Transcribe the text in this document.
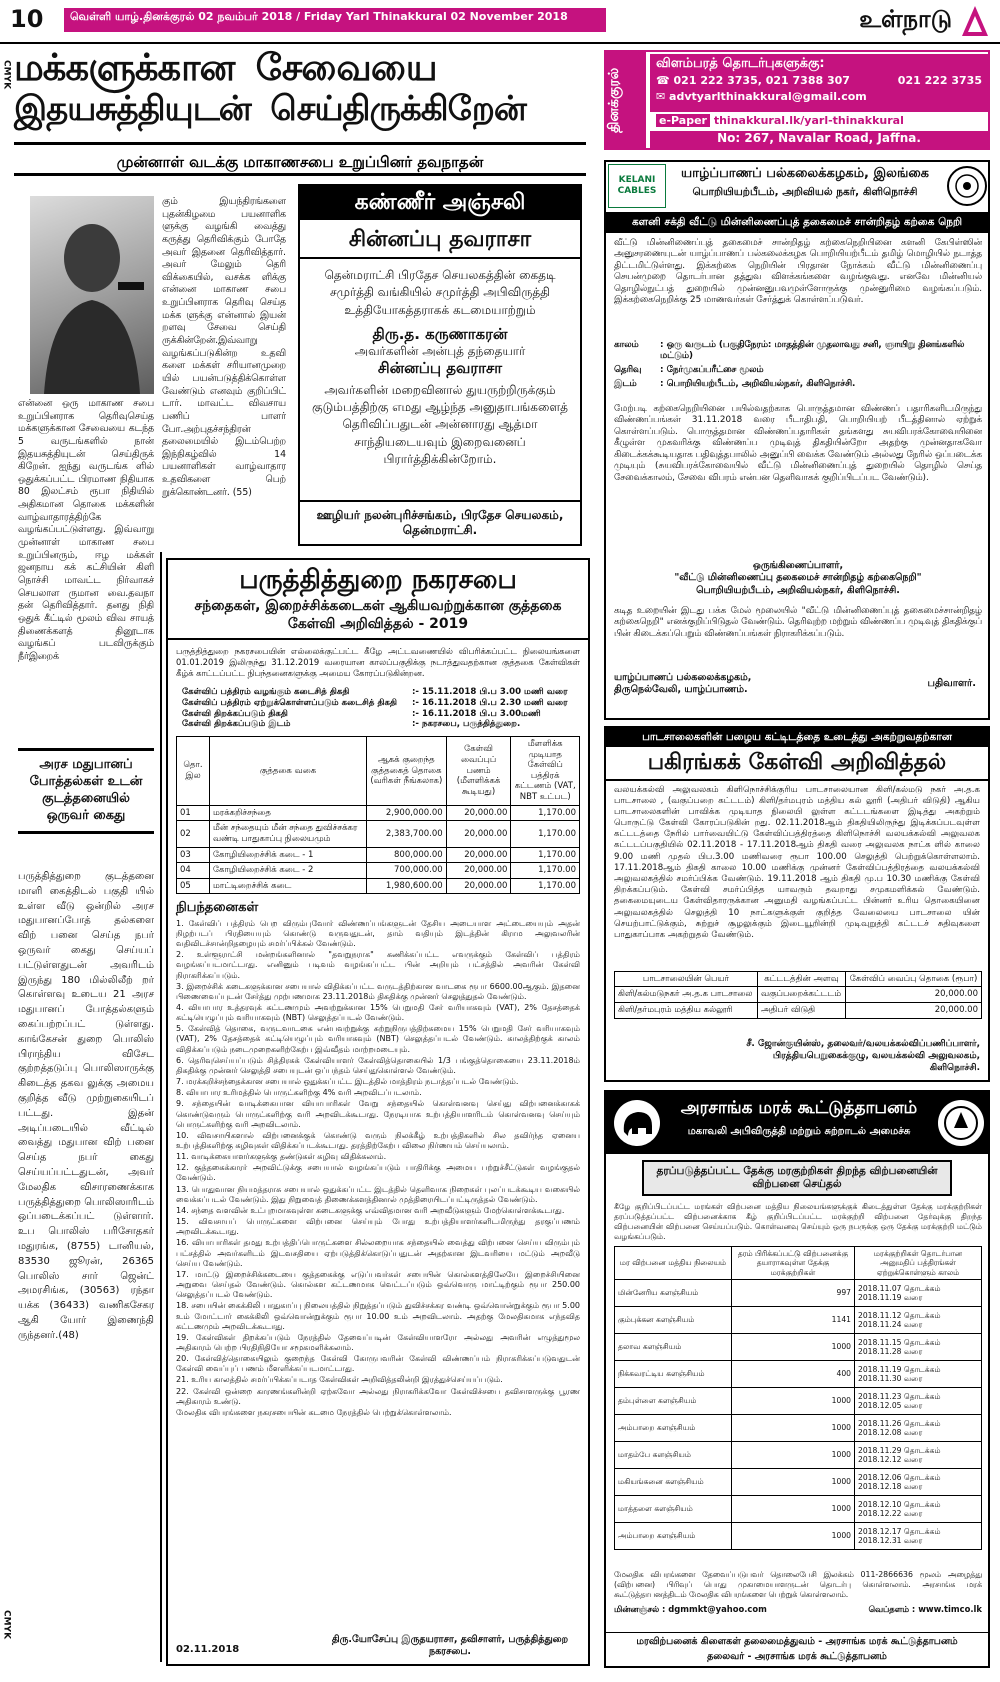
10	வெள்ளி யாழ்.தினக்குரல் 02 நவம்பர் 2018 / Friday Yarl Thinakkural 02 November 2018	உள்நாடு
CMYK
CMYK
மக்களுக்கான சேவையை
இதயசுத்தியுடன் செய்திருக்கிறேன்
முன்னாள் வடக்கு மாகாணசபை உறுப்பினர் தவநாதன்
கும் இயந்திரங்களை புதன்கிழமை பயனாளிக ளுக்கு வழங்கி வைத்து கருத்து தெரிவிக்கும் போதே அவர் இதனை தெரிவித்தார். அவர் மேலும் தெரி விக்கையில், வசக்க ளிக்கு என்னை மாகாண சபை உறுப்பினராக தெரிவு செய்த மக்க ளுக்கு என்னால் இயன் றளவு சேவை செய்தி ருக்கின்றேன்.இவ்வாறு வழங்கப்படுகின்ற உதவி களை மக்கள் சரியானமுறை யில் பயன்படுத்திக்கொள்ள வேண்டும் எனவும் குறிப்பிட் டார். மாவட்ட விவசாய பணிப் பாளர் போ.அற்புதச்சந்திரன் தலைமையில் இடம்பெற்ற இந்நிகழ்வில் 14 பயனாளிகள் வாழ்வாதார உதவிகளை பெற் றுக்கொண்டனர். (55)
என்னை ஒரு மாகாண சபை உறுப்பினராக தெரிவுசெய்த மக்களுக்கான சேவையை கடந்த 5 வருடங்களில் நான் இதயசுத்தியுடன் செய்திருக் கிறேன். ஐந்து வருடங்க ளில் ஒதுக்கப்பட்ட பிரமாண நிதியாக 80 இலட்சம் ரூபா நிதியில் அதிகமான தொகை மக்களின் வாழ்வாதாரத்திற்கே வழங்கப்பட்டுள்ளது. இவ்வாறு முன்னாள் மாகாண சபை உறுப்பினரும், ஈழ மக்கள் ஜனநாய கக் கட்சியின் கிளி நொச்சி மாவட்ட நிர்வாகச் செயலாள ருமான வை.தவநா தன் தெரிவித்தார். தனது நிதி ஒதுக் கீட்டில் மூலம் விவ சாயத் திணைக்களத் தினூடாக வழங்கப் படவிருக்கும் நீர்இறைக்
கண்ணீர் அஞ்சலி
சின்னப்பு தவராசா
தென்மராட்சி பிரதேச செயலகத்தின் கைதடி சமுர்த்தி வங்கியில் சமுர்த்தி அபிவிருத்தி உத்தியோகத்தராகக் கடமையாற்றும்
திரு.த. கருணாகரன்
அவர்களின் அன்புத் தந்தையார்
சின்னப்பு தவராசா
அவர்களின் மறைவினால் துயருற்றிருக்கும் குடும்பத்திற்கு எமது ஆழ்ந்த அனுதாபங்களைத் தெரிவிப்பதுடன் அன்னாரது ஆத்மா சாந்தியடையவும் இறைவனைப் பிரார்த்திக்கின்றோம்.
ஊழியர் நலன்புரிச்சங்கம், பிரதேச செயலகம், தென்மராட்சி.
அரச மதுபானப் போத்தல்கள் உடன் குடத்தனையில் ஒருவர் கைது
பருத்தித்துறை குடத்தனை மாளி கைத்திடல் பகுதி யில் உள்ள வீடு ஒன்றில் அரச மதுபானப்போத் தல்களை விற் பனை செய்த நபர் ஒருவர் கைது செய்யப் பட்டுள்ளதுடன் அவரிடம் இருந்து 180 மில்லிலீற் றர் கொள்ளவு உடைய 21 அரச மதுபானப் போத்தல்களும் கைப்பற்றப்பட் டுள்ளது. காங்கேசன் துறை பொலிஸ் பிராந்திய விசேட குற்றத்தடுப்பு பொலிஸாருக்கு கிடைத்த தகவ லுக்கு அமைய குறித்த வீடு முற்றுகையிடப் பட்டது. இதன் அடிப்படையில் வீட்டில் வைத்து மதுபான விற் பனை செய்த நபர் கைது செய்யப்பட்டதுடன், அவர் மேலதிக விசாரணைக்காக பருத்தித்துறை பொலிஸாரிடம் ஒப்படைக்கப்பட் டுள்ளார். உப பொலிஸ் பரிசோதகர் மதுரங்க, (8755) டானியல், 83530 ஜூரன், 26365 பொலிஸ் சார் ஜென்ட் அமரசிங்க, (30563) ரந்தா யக்க (36433) வணிகசேகர ஆகி யோர் இணைந்தி ருந்தனர்.(48)
பருத்தித்துறை நகரசபை
சந்தைகள், இறைச்சிக்கடைகள் ஆகியவற்றுக்கான குத்தகை கேள்வி அறிவித்தல் - 2019
பருத்தித்துறை நகரசபையின் எல்லைக்குட்பட்ட கீழே அட்டவணையில் விபரிக்கப்பட்ட நிலையங்களை 01.01.2019 இலிருந்து 31.12.2019 வரையான காலப்பகுதிக்கு நடாத்துவதற்கான குத்தகை கேள்விகள் கீழ்க் காட்டப்பட்ட நிபந்தனைகளுக்கு அமைய கோரப்படுகின்றன.
கேள்விப் பத்திரம் வழங்கும் கடைசித் திகதி	:- 15.11.2018 பி.ப 3.00 மணி வரை
கேள்விப் பத்திரம் ஏற்றுக்கொள்ளப்படும் கடைசித் திகதி	:- 16.11.2018 பி.ப 2.30 மணி வரை
கேள்வி திறக்கப்படும் திகதி	:- 16.11.2018 பி.ப 3.00மணி
கேள்வி திறக்கப்படும் இடம்	:- நகரசபை, பருத்தித்துறை.
தொ. இல	குத்தகை வகை	ஆகக் குறைந்த குத்தகைத் தொகை (வரிகள் நீங்கலாக)	கேள்வி வைப்புப் பணம் (மீளளிக்கக் கூடியது)	மீளளிக்க முடியாத கேள்விப் பத்திரக் கட்டணம் (VAT, NBT உட்பட)
01	மரக்கறிச்சந்தை	2,900,000.00	20,000.00	1,170.00
02	மீன் சந்தையும் மீன் சந்தை துவிச்சக்கர வண்டி பாதுகாப்பு நிலையமும்	2,383,700.00	20,000.00	1,170.00
03	கோழியிறைச்சிக் கடை - 1	800,000.00	20,000.00	1,170.00
04	கோழியிறைச்சிக் கடை - 2	700,000.00	20,000.00	1,170.00
05	மாட்டிறைச்சிக் கடை	1,980,600.00	20,000.00	1,170.00
நிபந்தனைகள்
1. கேள்விப் பத்திரம் பெற விரும்புவோர் விண்ணப்பங்களுடன் தேசிய அடையாள அட்டையையும் அதன் நிழற்படப் பிரதியையும் கொண்டு வருவதுடன், தாம் வதியும் இடத்தின் கிராம அலுவலரின் வதிவிடச்சான்றிதழையும் சமர்ப்பிக்கல் வேண்டும்.
2. உள்ளூராட்சி மன்றங்களினால் "தவறுநராக" கணிக்கப்பட்ட எவருக்கும் கேள்விப் பத்திரம் வழங்கப்படமாட்டாது. எனினும் படிவம் வழங்கப்பட்ட பின் அறியும் பட்சத்தில் அவரின் கேள்வி நிராகரிக்கப்படும்.
3. இறைச்சிக் கடைகளுக்கான சபையால் விதிக்கப்பட்ட வருடத்திற்கான வாடகை ரூபா 6600.00ஆகும். இதனை பிணைவைப்புடன் சேர்த்து முற்பணமாக 23.11.2018ம் திகதிக்கு முன்னர் செலுத்துதல் வேண்டும்.
4. வியாபார உத்தரவுக் கட்டணமும் அவற்றுக்கான 15% பெறுமதி சேர் வரியாகவும் (VAT), 2% தேசத்தைக் கட்டியெழுப்பும் வரியாகவும் (NBT) செலுத்தப்படல் வேண்டும்.
5. கேள்வித் தொகை, வருடவாடகை என்பவற்றுக்கு சுற்றுநிருபத்திற்கமைய 15% பெறுமதி சேர் வரியாகவும் (VAT), 2% தேசத்தைக் கட்டியெழுப்பும் வரியாகவும் (NBT) செலுத்தப்படல் வேண்டும். காலத்திற்குக் காலம் விதிக்கப்படும் நடைமுறைகளிற்கேற்ப இவ்வீதம் மாற்றமடையும்.
6. தெரிவுசெய்யப்படும் சித்திரகக் கேள்வியாளர் கேள்வித்தொகையில் 1/3 பங்குத்தொகையை 23.11.2018ம் திகதிக்கு முன்னர் செலுத்தி சபையுடன் ஒப்பந்தம் செய்துகொள்ளல் வேண்டும்.
7. மரக்கறிச்சந்தைக்கான சபையால் ஒதுக்கப்பட்ட இடத்தில் மாத்திரம் நடாத்தப்படல் வேண்டும்.
8. வியாபார உரிமத்தில் பொருட்களிற்கு 4% வரி அறவிடப்படலாம்.
9. சந்தையின் வாடிக்கையான வியாபாரிகள் வேறு சந்தையில் கொள்வனவு செய்து விற்பனைக்காகக் கொண்டுவரும் பொருட்களிற்கு வரி அறவிடக்கூடாது. நேரடியாக உற்பத்தியாளரிடம் கொள்வனவு செய்யும் பொருட்களிற்கு வரி அறவிடலாம்.
10. விவசாயிகளால் விற்பனைக்குக் கொண்டு வரும் நிலக்கீழ் உற்பத்திகளில் சில தவிர்ந்த ஏனைய உற்பத்திகளிற்கு கழிவுகள் விதிக்கப்படக்கூடாது. தரத்திற்கேற்ப விலை நிர்ணயம் செய்யலாம்.
11. வாடிக்கையாளர்களுக்கு தண்டுகள் கழிவு விதிக்கலாம்.
12. குத்தகைக்காரர் அறவிட்டுக்கு சபையால் வழங்கப்படும் பாதிரிக்கு அமைய பற்றுச்சீட்டுகள் வழங்குதல் வேண்டும்.
13. பொதுவான நியமத்தராசு சபையால் ஒதுக்கப்பட்ட இடத்தில் தெளிவாக நிறைகள் புலப்படக்கூடிய வகையில் வைக்கப்படல் வேண்டும். இது நிறுவைத் திணைக்களத்தினால் முத்திரையிடப்பட்டிருத்தல் வேண்டும்.
14. சந்தை வளவின் உட்புறமாகவுள்ள கடைகளுக்கு எவ்விதமான வரி அறவீடுகளும் மேற்கொள்ளக்கூடாது.
15. விவசாயப் பொருட்களை விற்பனை செய்யும் போது உற்பத்தியாளர்களிடமிருந்து தரகுப்பணம் அறவிடக்கூடாது.
16. வியாபாரிகள் தமது உற்பத்திப்பொருட்களை சில்லறையாக சந்தையில் வைத்து விற்பனை செய்ய விரும்பும் பட்சத்தில் அவர்களிடம் இடவசதியை ஏற்படுத்திக்கொடுப்பதுடன் அதற்கான இடவரியை மட்டும் அறவீடு செய்ய வேண்டும்.
17. மாட்டு இறைச்சிக்கடையை குத்தகைக்கு எடுப்பவர்கள் சபையின் கொல்களத்திலேயே இறைச்சியினை அறுவை செய்தல் வேண்டும். கொல்கள கட்டணமாக வெட்டப்படும் ஒவ்வொரு மாட்டிற்கும் ரூபா 250.00 செலுத்தப்படல் வேண்டும்.
18. சபையின் கைக்கிலி பாதுகாப்பு நிலையத்தில் நிறுத்தப்படும் துவிச்சக்கர வண்டி ஒவ்வொன்றுக்கும் ரூபா 5.00 உம் மோட்டார் கைக்கிலி ஒவ்வொன்றுக்கும் ரூபா 10.00 உம் அறவிடலாம். அதற்கு மேலதிகமாக எந்தவித கட்டணமும் அறவிடக்கூடாது.
19. கேள்விகள் திறக்கப்படும் நேரத்தில் தேவைப்படின் கேள்வியாளரோ அல்லது அவரின் எழுத்துமூல அதிகாரம் பெற்ற பிரதிநிதியோ சமூகமளிக்கலாம்.
20. கேள்வித்தொகையிலும் குறைந்த கேள்வி கோருபவரின் கேள்வி விண்ணப்பம் நிராகரிக்கப்படுவதுடன் கேள்வி வைப்புப் பணம் மீளளிக்கப்படமாட்டாது.
21. உரிய காலத்தில் சமர்ப்பிக்கப்படாத கேள்விகள் அறிவித்தலின்றி இரத்துச்செய்யப்படும்.
22. கேள்வி ஒன்றை காரணங்களின்றி ஏற்கவோ அல்லது நிராகரிக்கவோ கேள்விச்சபை தவிசாளருக்கு பூரண அதிகாரம் உண்டு.
மேலதிக விபரங்களை நகரசபையின் கடமை நேரத்தில் பெற்றுக்கொள்ளலாம்.
02.11.2018
திரு.யோசேப்பு இருதயராசா, தவிசாளர், பருத்தித்துறை நகரசபை.
தினக்குரல்
விளம்பரத் தொடர்புகளுக்கு:
☎ 021 222 3735, 021 7388 307	021 222 3735
✉ advtyarlthinakkural@gmail.com
e-Paper thinakkural.lk/yarl-thinakkural
No: 267, Navalar Road, Jaffna.
KELANI CABLES
யாழ்ப்பாணப் பல்கலைக்கழகம், இலங்கை
பொறியியற்பீடம், அறிவியல் நகர், கிளிநொச்சி
களனி சக்தி வீட்டு மின்னிணைப்புத் தகைமைச் சான்றிதழ் கற்கை நெறி
வீட்டு மின்னிணைப்புத் தகைமைச் சான்றிதழ் கற்கைநெறியினை களனி கேபிள்ஸின் அனுசரணையுடன் யாழ்ப்பாணப் பல்கலைக்கழக பொறியியற்பீடம் தமிழ் மொழியில் நடாத்த திட்டமிட்டுள்ளது. இக்கற்கை நெறியின் பிரதான நோக்கம் வீட்டு மின்னிணைப்பு செயன்முறை தொடர்பான தத்துவ விளக்கங்களை வழங்குவது. எனவே மின்னியல் தொழில்நுட்பத் துறையில் முன்னனுபவமுள்ளோருக்கு முன்னுரிமை வழங்கப்படும். இக்கற்கைநெறிக்கு 25 மாணவர்கள் சேர்த்துக் கொள்ளப்படுவர்.
காலம்	: ஒரு வருடம் (பகுதிநேரம்: மாதத்தின் முதலாவது சனி, ஞாயிறு தினங்களில் மட்டும்)
தெரிவு	: நேர்முகப்பரீட்சை மூலம்
இடம்	: பொறியியற்பீடம், அறிவியல்நகர், கிளிநொச்சி.
மேற்படி கற்கைநெறியினை பயில்வதற்காக பொருத்தமான விண்ணப் பதாரிகளிடமிருந்து விண்ணப்பங்கள் 31.11.2018 வரை பீடாதிபதி, பொறியியற் பீடத்தினால் ஏற்றுக் கொள்ளப்படும். பொருத்தமான விண்ணப்பதாரிகள் தங்களது சுயவிபரக்கோவையினை கீழுள்ள முகவரிக்கு விண்ணப்ப முடிவுத் திகதியின்றோ அதற்கு முன்னதாகவோ கிடைக்கக்கூடியதாக பதிவுத்தபாலில் அனுப்பி வைக்க வேண்டும் அல்லது நேரில் ஒப்படைக்க முடியும் (சுயவிபரக்கோவையில் வீட்டு மின்னிணைப்புத் துறையில் தொழில் செய்த சேவைக்காலம், சேவை விபரம் என்பன தெளிவாகக் குறிப்பிடப்பட வேண்டும்).
ஒருங்கிணைப்பாளர்,
"வீட்டு மின்னிணைப்பு தகைமைச் சான்றிதழ் கற்கைநெறி"
பொறியியற்பீடம், அறிவியல்நகர், கிளிநொச்சி.
கடித உறையின் இடது பக்க மேல் மூலையில் "வீட்டு மின்னிணைப்புத் தகைமைச்சான்றிதழ் கற்கைநெறி" எனக்குறிப்பிடுதல் வேண்டும். தெரிவுற்ற மற்றும் விண்ணப்ப முடிவுத் திகதிக்குப் பின் கிடைக்கப்பெறும் விண்ணப்பங்கள் நிராகரிக்கப்படும்.
யாழ்ப்பாணப் பல்கலைக்கழகம், திருநெல்வேலி, யாழ்ப்பாணம்.
பதிவாளர்.
பாடசாலைகளின் பழைய கட்டிடத்தை உடைத்து அகற்றுவதற்கான
பகிரங்கக் கேள்வி அறிவித்தல்
வலயக்கல்வி அலுவலகம் கிளிநொச்சிக்குரிய பாடசாலையான கிளி/கல்மடு நகர் அ.த.க பாடசாலை , (வகுப்பறை கட்டடம்) கிளி/தர்மபுரம் மத்திய கல் லூரி (அதிபர் விடுதி) ஆகிய பாடசாலைகளின் பாவிக்க முடியாத நிலையி லுள்ள கட்டடங்களை இடித்து அகற்றும் பொருட்டு கேள்வி கோரப்படுகின் றது. 02.11.2018ஆம் திகதியிலிருந்து இடிக்கப்படவுள்ள கட்டடத்தை நேரில் பார்வையிட்டு கேள்விப்பத்திரத்தை கிளிநொச்சி வலயக்கல்வி அலுவலக கட்டடப்பகுதியில் 02.11.2018 - 17.11.2018ஆம் திகதி வரை அலுவலக நாட்க ளில் காலை 9.00 மணி முதல் பிப.3.00 மணிவரை ரூபா 100.00 செலுத்தி பெற்றுக்கொள்ளலாம். 17.11.2018ஆம் திகதி காலை 10.00 மணிக்கு முன்னர் கேள்விப்பத்திரத்தை வலயக்கல்வி அலுவலகத்தில் சமர்ப்பிக்க வேண்டும். 19.11.2018 ஆம் திகதி மு.ப 10.30 மணிக்கு கேள்வி திறக்கப்படும். கேள்வி சமர்ப்பித்த யாவரும் தவறாது சமுகமளிக்கல் வேண்டும். தகைமையுடைய கேள்விதாரருக்கான அனுமதி வழங்கப்பட்ட பின்னர் உரிய தொகையினை அலுவலகத்தில் செலுத்தி 10 நாட்களுக்குள் குறித்த வேலையை பாடசாலை யின் செயற்பாட்டுக்கும், சுற்றுச் சூழலுக்கும் இடையூறின்றி முடிவுறுத்தி கட்டடச் சுதிவுகளை பாதுகாப்பாக அகற்றுதல் வேண்டும்.
பாடசாலையின் பெயர்	கட்டடத்தின் அளவு	கேள்விப் வைப்பு தொகை (ரூபா)
கிளி/கல்மடுநகர் அ.த.க பாடசாலை	வகுப்பறைக்கட்டடம்	20,000.00
கிளி/தர்மபுரம் மத்திய கல்லூரி	அதிபர் விடுதி	20,000.00
சீ. ஜோன்குயின்ஸ், தலைவர்/வலயக்கல்விப்பணிப்பாளர், பிரத்தியபெறுகைக்குழு, வலயக்கல்வி அலுவலகம், கிளிநொச்சி.
அரசாங்க மரக் கூட்டுத்தாபனம்
மகாவலி அபிவிருத்தி மற்றும் சுற்றாடல் அமைச்சு
தரப்படுத்தப்பட்ட தேக்கு மரகுற்றிகள் திறந்த விற்பனையின் விற்பனை செய்தல்
கீழே குறிப்பிடப்பட்ட மரங்கள் விற்பனை மத்திய நிலையங்களுக்குக் கிடைத்துள்ள தேக்கு மரக்குற்றிகள் தரப்படுத்தப்பட்ட விற்பனைக்காக கீழ் குறிப்பிடப்பட்ட மரக்குற்றி விற்பனை தேர்வுக்கு திறந்த விற்பனையின் விற்பனை செய்யப்படும். கொள்வனவு செய்யும் ஒரு நபருக்கு ஒரு தேக்கு மரக்குற்றி மட்டும் வழங்கப்படும்.
மர விற்பனை மத்திய நிலையம்	தரம் பிரிக்கப்பட்டு விற்பனைக்கு தயாராகவுள்ள தேக்கு மரக்குற்றிகள்	மரக்குற்றிகள் தொடர்பான அனுமதிப் பத்திரங்கள் ஏற்றுக்கொள்ளும் காலம்
மின்னேரிய களஞ்சியம்	997	2018.11.07 தொடக்கம் 2018.11.19 வரை
கும்புக்கன களஞ்சியம்	1141	2018.11.12 தொடக்கம் 2018.11.24 வரை
தலாவ களஞ்சியம்	1000	2018.11.15 தொடக்கம் 2018.11.28 வரை
நிக்கவரட்டிய களஞ்சியம்	400	2018.11.19 தொடக்கம் 2018.11.30 வரை
தம்புள்ளை களஞ்சியம்	1000	2018.11.23 தொடக்கம் 2018.12.05 வரை
அம்பாறை களஞ்சியம்	1000	2018.11.26 தொடக்கம் 2018.12.08 வரை
மாதம்பே களஞ்சியம்	1000	2018.11.29 தொடக்கம் 2018.12.12 வரை
மகியங்கனை களஞ்சியம்	1000	2018.12.06 தொடக்கம் 2018.12.18 வரை
மாத்தளை களஞ்சியம்	1000	2018.12.10 தொடக்கம் 2018.12.22 வரை
அம்பாறை களஞ்சியம்	1000	2018.12.17 தொடக்கம் 2018.12.31 வரை
மேலதிக விபரங்களை தேவைப்படுபவர் தொலைபேசி இலக்கம் 011-2866636 மூலம் அழைத்து (விற்பனை) பிரிவுப் பொது முகாமையாளருடன் தொடர்பு கொள்ளலாம். அரசாங்க மரக் கூட்டுத்தாபனத்திடம் மேலதிக விபரங்களை பெற்றுக் கொள்ளலாம்.
மின்னஞ்சல் : dgmmkt@yahoo.com	வெப்தளம் : www.timco.lk
மரவிற்பனைக் கிளைகள் தலைமைத்துவம் - அரசாங்க மரக் கூட்டுத்தாபனம்
தலைவர் - அரசாங்க மரக் கூட்டுத்தாபனம்
